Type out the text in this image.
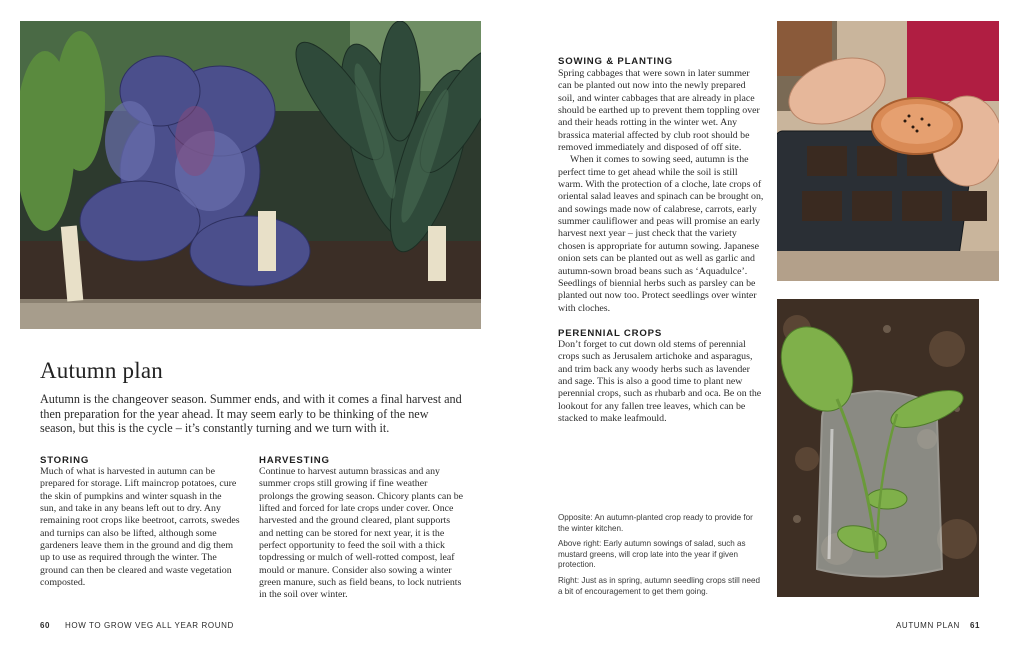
Autumn plan

Autumn is the changeover season. Summer ends, and with it comes a final harvest and then preparation for the year ahead. It may seem early to be thinking of the new season, but this is the cycle – it’s constantly turning and we turn with it.

STORING

Much of what is harvested in autumn can be prepared for storage. Lift maincrop potatoes, cure the skin of pumpkins and winter squash in the sun, and take in any beans left out to dry. Any remaining root crops like beetroot, carrots, swedes and turnips can also be lifted, although some gardeners leave them in the ground and dig them up to use as required through the winter. The ground can then be cleared and waste vegetation composted.

HARVESTING

Continue to harvest autumn brassicas and any summer crops still growing if fine weather prolongs the growing season. Chicory plants can be lifted and forced for late crops under cover. Once harvested and the ground cleared, plant supports and netting can be stored for next year, it is the perfect opportunity to feed the soil with a thick topdressing or mulch of well-rotted compost, leaf mould or manure. Consider also sowing a winter green manure, such as field beans, to lock nutrients in the soil over winter.

SOWING & PLANTING

Spring cabbages that were sown in later summer can be planted out now into the newly prepared soil, and winter cabbages that are already in place should be earthed up to prevent them toppling over and their heads rotting in the winter wet. Any brassica material affected by club root should be removed immediately and disposed of off site.

When it comes to sowing seed, autumn is the perfect time to get ahead while the soil is still warm. With the protection of a cloche, late crops of oriental salad leaves and spinach can be brought on, and sowings made now of calabrese, carrots, early summer cauliflower and peas will promise an early harvest next year – just check that the variety chosen is appropriate for autumn sowing. Japanese onion sets can be planted out as well as garlic and autumn-sown broad beans such as ‘Aquadulce’. Seedlings of biennial herbs such as parsley can be planted out now too. Protect seedlings over winter with cloches.

PERENNIAL CROPS

Don’t forget to cut down old stems of perennial crops such as Jerusalem artichoke and asparagus, and trim back any woody herbs such as lavender and sage. This is also a good time to plant new perennial crops, such as rhubarb and oca. Be on the lookout for any fallen tree leaves, which can be stacked to make leafmould.

Opposite: An autumn-planted crop ready to provide for the winter kitchen.

Above right: Early autumn sowings of salad, such as mustard greens, will crop late into the year if given protection.

Right: Just as in spring, autumn seedling crops still need a bit of encouragement to get them going.

60 HOW TO GROW VEG ALL YEAR ROUND	AUTUMN PLAN 61
